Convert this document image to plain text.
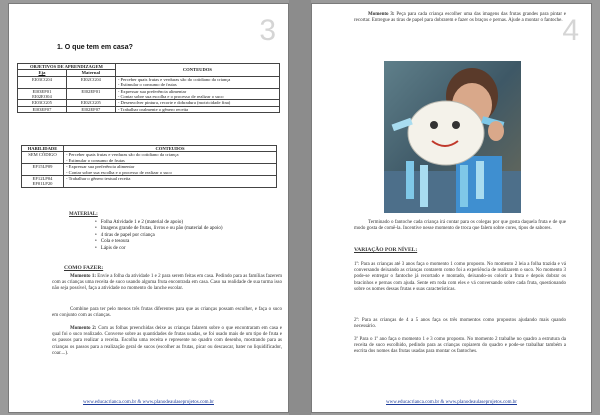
3
1. O que tem em casa?
OBJETIVOS DE APRENDIZAGEM		CONTEUDOS
Eja	Maternal	
EI03CG04	EI02CG04	- Perceber quais frutas e verduras são do cotidiano da criança
- Estimular o consumo de frutas
EI03EF01
EI02EO04	EI02EF01	- Expressar sua preferência alimentar
- Contar sobre sua escolha e o processo de realizar o suco
EI03CG05	EI02CG05	- Desenvolver pintura, recorte e dobradura (motricidade fina)
EI03EF07	EI02EF07	- Trabalhar oralmente o gênero receita
HABILIDADE	CONTEUDOS
SEM CÓDIGO	- Perceber quais frutas e verduras são do cotidiano da criança
- Estimular o consumo de frutas
EF15LP09	- Expressar sua preferência alimentar
- Contar sobre sua escolha e o processo de realizar o suco
EF12LP04
EF01LP20	- Trabalhar o gênero textual receita
MATERIAL:
• Folha Atividade 1 e 2 (material de apoio)
• Imagens grande de frutas, livros e ou pão (material de apoio)
• 4 tiras de papel por criança
• Cola e tesoura
• Lápis de cor
COMO FAZER:
Momento 1: Envie a folha da atividade 1 e 2 para serem feitas em casa. Pedindo para as famílias fazerem com as crianças uma receita de suco usando alguma fruta encontrada em casa. Caso na realidade de sua turma isso não seja possível, faça a atividade no momento do lanche escolar.
Combine para ter pelo menos três frutas diferentes para que as crianças possam escolher, e faça o suco em conjunto com as crianças.
Momento 2: Com as folhas preenchidas deixe as crianças falarem sobre o que encontraram em casa e qual foi o suco realizado. Converse sobre as quantidades de frutas usadas, se foi usado mais de um tipo de fruta e os passos para realizar a receita. Escolha uma receita e represente no quadro com desenho, mostrando para as crianças os passos para a realização geral de sucos (escolher as frutas, picar ou descascar, bater no liquidificador, coar....).
www.educacrianca.com.br & www.planodeaulaseprojetos.com.br
4
Momento 3: Peça para cada criança escolher uma das imagens das frutas grandes para pintar e recortar. Entregue as tiras de papel para dobrarem e fazer os braços e pernas. Ajude a montar o fantoche.
Terminado o fantoche cada criança irá contar para os colegas por que gosta daquela fruta e de que modo gosta de comê-la. Incentive nesse momento de troca que falem sobre cores, tipos de sabores.
VARIAÇÃO POR NÍVEL:
1º: Para as crianças até 3 anos faça o momento 1 como proposto. No momento 2 leia a folha trazida e vá conversando deixando as crianças contarem como foi a experiência de realizarem o suco. No momento 3 pode-se entregar o fantoche já recortado e montado, deixando-os colorir a fruta e depois dobrar os bracinhos e pernas com ajuda. Sente em roda com eles e vá conversando sobre cada fruta, questionando sobre os nomes dessas frutas e suas características.
2º: Para as crianças de 4 a 5 anos faça os três momentos como propostos ajudando mais quando necessário.
3º Para o 1º ano faça o momento 1 e 3 como proposto. No momento 2 trabalhe no quadro a estrutura da receita de suco escolhido, pedindo para as crianças copiarem do quadro e pode-se trabalhar também a escrita dos nomes das frutas usadas para montar os fantoches.
www.educacrianca.com.br & www.planodeaulaseprojetos.com.br
